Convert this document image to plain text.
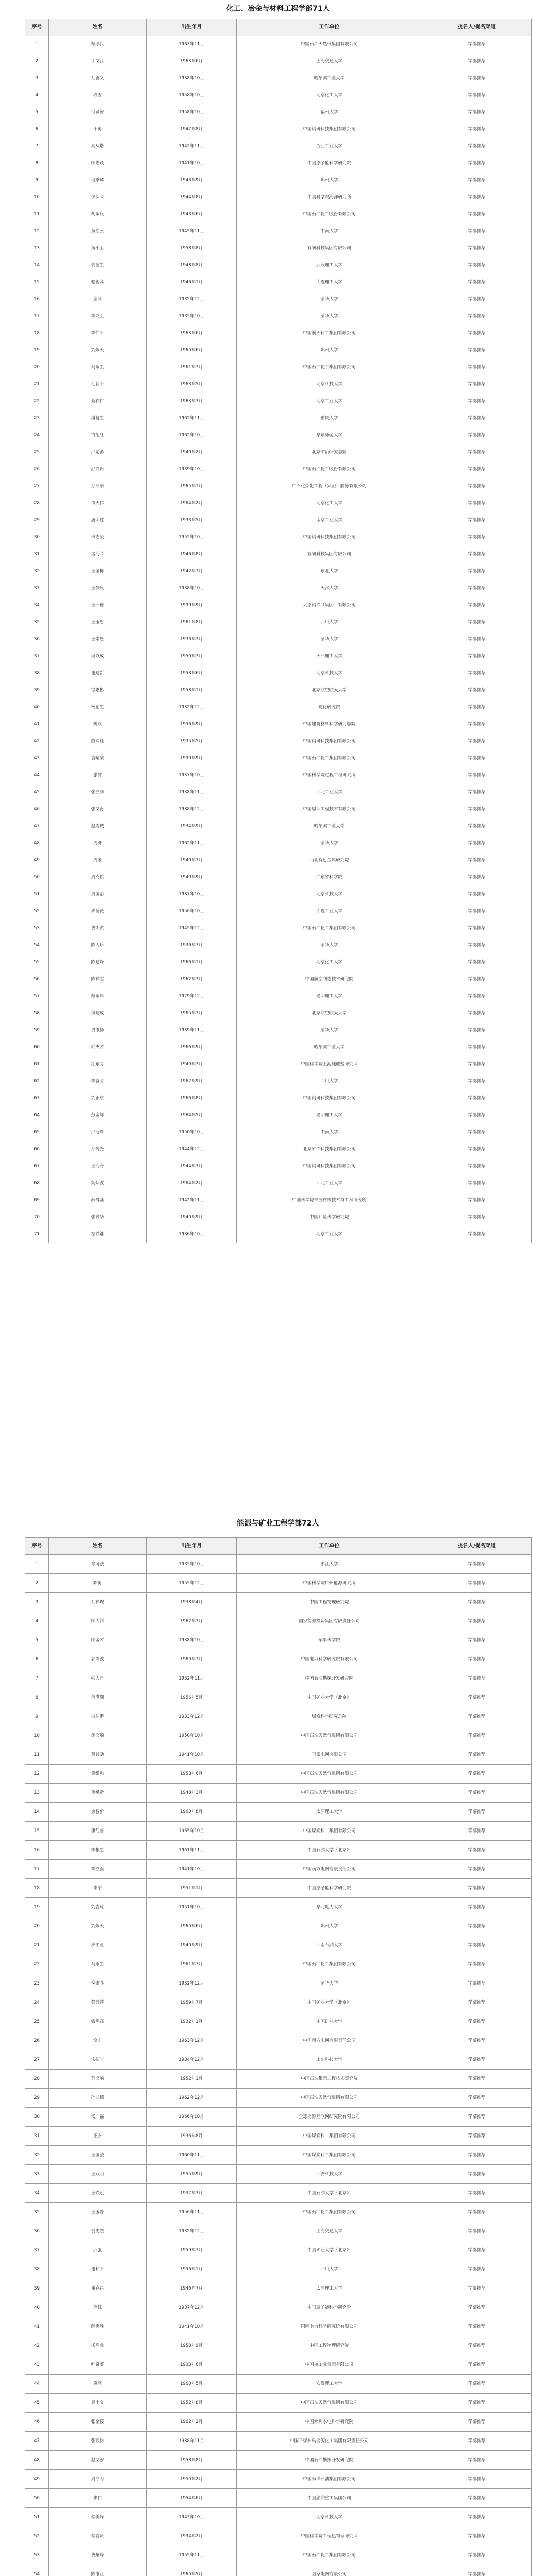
化工、冶金与材料工程学部71人
序号	姓名	出生年月	工作单位	提名人/提名渠道
1	戴厚良	1963年11月	中国石油天然气集团有限公司	学部推荐
2	丁文江	1963年6月	上海交通大学	学部推荐
3	杜善义	1938年10月	哈尔滨工业大学	学部推荐
4	段雪	1958年10月	北京化工大学	学部推荐
5	付贤智	1958年10月	福州大学	学部推荐
6	干勇	1947年8月	中国钢研科技集团有限公司	学部推荐
7	高从堦	1942年11月	浙江工业大学	学部推荐
8	顾忠茂	1941年10月	中国原子能科学研究院	学部推荐
9	何季麟	1943年9月	郑州大学	学部推荐
10	侯保荣	1944年8月	中国科学院海洋研究所	学部推荐
11	胡永康	1943年6月	中国石油化工股份有限公司	学部推荐
12	黄伯云	1945年11月	中南大学	学部推荐
13	黄小卫	1958年8月	有研科技集团有限公司	学部推荐
14	姜德生	1948年8月	武汉理工大学	学部推荐
15	蹇锡高	1946年1月	大连理工大学	学部推荐
16	金涌	1935年12月	清华大学	学部推荐
17	李龙土	1935年10月	清华大学	学部推荐
18	李仲平	1963年6月	中国航天科工集团有限公司	学部推荐
19	刘炯天	1960年6月	郑州大学	学部推荐
20	马永生	1961年7月	中国石油化工集团有限公司	学部推荐
21	毛新平	1963年5月	北京科技大学	学部推荐
22	聂祚仁	1963年3月	北京工业大学	学部推荐
23	潘复生	1962年11月	重庆大学	学部推荐
24	钱旭红	1962年10月	华东师范大学	学部推荐
25	邱定蕃	1940年2月	北京矿冶研究总院	学部推荐
26	舒兴田	1939年10月	中国石油化工股份有限公司	学部推荐
27	孙丽丽	1965年1月	中石化炼化工程（集团）股份有限公司	学部推荐
28	谭天伟	1964年2月	北京化工大学	学部推荐
29	唐明述	1933年5月	南京工业大学	学部推荐
30	田志凌	1955年10月	中国钢研科技集团有限公司	学部推荐
31	屠海令	1946年8月	有研科技集团有限公司	学部推荐
32	王国栋	1942年7月	东北大学	学部推荐
33	王静康	1938年10月	天津大学	学部推荐
34	王一德	1939年9月	太原钢铁（集团）有限公司	学部推荐
35	王玉忠	1961年8月	四川大学	学部推荐
36	王崇愚	1936年3月	清华大学	学部推荐
37	吴以成	1950年3月	天津理工大学	学部推荐
38	谢建新	1958年6月	北京科技大学	学部推荐
39	徐惠彬	1958年1月	北京航空航天大学	学部推荐
40	杨裕生	1932年12月	防化研究院	学部推荐
41	姚燕	1956年9月	中国建筑材料科学研究总院	学部推荐
42	殷瑞钰	1935年5月	中国钢研科技集团有限公司	学部推荐
43	袁晴棠	1939年9月	中国石油化工集团有限公司	学部推荐
44	张懿	1937年10月	中国科学院过程工程研究所	学部推荐
45	张立同	1938年11月	西北工业大学	学部推荐
46	张文海	1938年12月	中国恩菲工程技术有限公司	学部推荐
47	赵连城	1934年9月	哈尔滨工业大学	学部推荐
48	周济	1962年11月	清华大学	学部推荐
49	周廉	1940年3月	西北有色金属研究院	学部推荐
50	周克崧	1940年9月	广东省科学院	学部推荐
51	周国治	1937年10月	北京科技大学	学部推荐
52	朱蓓薇	1956年10月	大连工业大学	学部推荐
53	曹湘洪	1945年12月	中国石油化工集团有限公司	学部推荐
54	陈丙珍	1936年7月	清华大学	学部推荐
55	陈建峰	1966年1月	北京化工大学	学部推荐
56	陈祥宝	1962年3月	中国航空制造技术研究院	学部推荐
57	戴永年	1929年12月	昆明理工大学	学部推荐
58	房建成	1965年3月	北京航空航天大学	学部推荐
59	费维扬	1939年11月	清华大学	学部推荐
60	韩杰才	1966年9月	哈尔滨工业大学	学部推荐
61	江东亮	1940年3月	中国科学院上海硅酸盐研究所	学部推荐
62	李言荣	1962年9月	四川大学	学部推荐
63	刘正东	1966年8月	中国钢研科技集团有限公司	学部推荐
64	彭金辉	1964年5月	昆明理工大学	学部推荐
65	邱冠周	1950年10月	中南大学	学部推荐
66	孙传尧	1944年12月	北京矿冶科技集团有限公司	学部推荐
67	王海舟	1944年3月	中国钢研科技集团有限公司	学部推荐
68	魏炳波	1964年2月	西北工业大学	学部推荐
69	薛群基	1942年11月	中国科学院宁波材料技术与工程研究所	学部推荐
70	张钟华	1940年9月	中国计量科学研究院	学部推荐
71	左铁镛	1936年10月	北京工业大学	学部推荐
能源与矿业工程学部72人
序号	姓名	出生年月	工作单位	提名人/提名渠道
1	岑可法	1935年10月	浙江大学	学部推荐
2	陈勇	1955年12月	中国科学院广州能源研究所	学部推荐
3	杜祥琬	1938年4月	中国工程物理研究院	学部推荐
4	顾大钊	1962年3月	国家能源投资集团有限责任公司	学部推荐
5	顾金才	1938年10月	军事科学院	学部推荐
6	郭剑波	1960年7月	中国电力科学研究院有限公司	学部推荐
7	韩大匡	1932年11月	中国石油勘探开发研究院	学部推荐
8	何满潮	1956年5月	中国矿业大学（北京）	学部推荐
9	洪伯潜	1933年12月	煤炭科学研究总院	学部推荐
10	胡文瑞	1950年10月	中国石油天然气集团有限公司	学部推荐
11	黄其励	1941年10月	国家电网有限公司	学部推荐
12	黄维和	1958年6月	中国石油天然气集团有限公司	学部推荐
13	贾承造	1948年3月	中国石油天然气集团有限公司	学部推荐
14	金智新	1960年8月	太原理工大学	学部推荐
15	康红普	1965年10月	中国煤炭科工集团有限公司	学部推荐
16	李根生	1961年11月	中国石油大学（北京）	学部推荐
17	李立浧	1941年10月	中国南方电网有限责任公司	学部推荐
18	李宁	1951年1月	中国原子能科学研究院	学部推荐
19	刘吉臻	1951年10月	华北电力大学	学部推荐
20	刘炯天	1960年6月	郑州大学	学部推荐
21	罗平亚	1940年9月	西南石油大学	学部推荐
22	马永生	1961年7月	中国石油化工集团有限公司	学部推荐
23	倪维斗	1932年12月	清华大学	学部推荐
24	彭苏萍	1959年7月	中国矿业大学（北京）	学部推荐
25	钱鸣高	1932年1月	中国矿业大学	学部推荐
26	饶宏	1963年12月	中国南方电网有限责任公司	学部推荐
27	宋振骐	1934年12月	山东科技大学	学部推荐
28	苏义脑	1952年1月	中国石油集团工程技术研究院	学部推荐
29	孙龙德	1962年12月	中国石油天然气集团有限公司	学部推荐
30	汤广福	1966年10月	全球能源互联网研究院有限公司	学部推荐
31	王安	1936年8月	中国煤炭科工集团有限公司	学部推荐
32	王国法	1960年11月	中国煤炭科工集团有限公司	学部推荐
33	王双明	1955年9月	西安科技大学	学部推荐
34	王铁冠	1937年3月	中国石油大学（北京）	学部推荐
35	王玉普	1956年11月	中国石油化工集团有限公司	学部推荐
36	翁史烈	1932年12月	上海交通大学	学部推荐
37	武强	1959年7月	中国矿业大学（北京）	学部推荐
38	谢和平	1956年1月	四川大学	学部推荐
39	谢克昌	1946年7月	太原理工大学	学部推荐
40	徐銤	1937年12月	中国原子能科学研究院	学部推荐
41	薛禹胜	1941年10月	国网电力科学研究院有限公司	学部推荐
42	杨启业	1958年9月	中国工程物理研究院	学部推荐
43	叶奇蓁	1933年6月	中国核工业集团有限公司	学部推荐
44	袁亮	1960年5月	安徽理工大学	学部推荐
45	袁士义	1952年8月	中国石油天然气集团有限公司	学部推荐
46	张金接	1962年2月	中国水利水电科学研究院	学部推荐
47	张铁岗	1938年11月	中国平煤神马能源化工集团有限责任公司	学部推荐
48	赵文智	1958年8月	中国石油勘探开发研究院	学部推荐
49	周守为	1950年2月	中国海洋石油集团有限公司	学部推荐
50	朱伟	1954年6月	中国船舶重工集团公司	学部推荐
51	蔡美峰	1943年10月	北京科技大学	学部推荐
52	蔡睿贤	1934年2月	中国科学院工程热物理研究所	学部推荐
53	曹耀峰	1955年11月	中国石油化工集团有限公司	学部推荐
54	陈维江	1960年5月	国家电网有限公司	学部推荐
